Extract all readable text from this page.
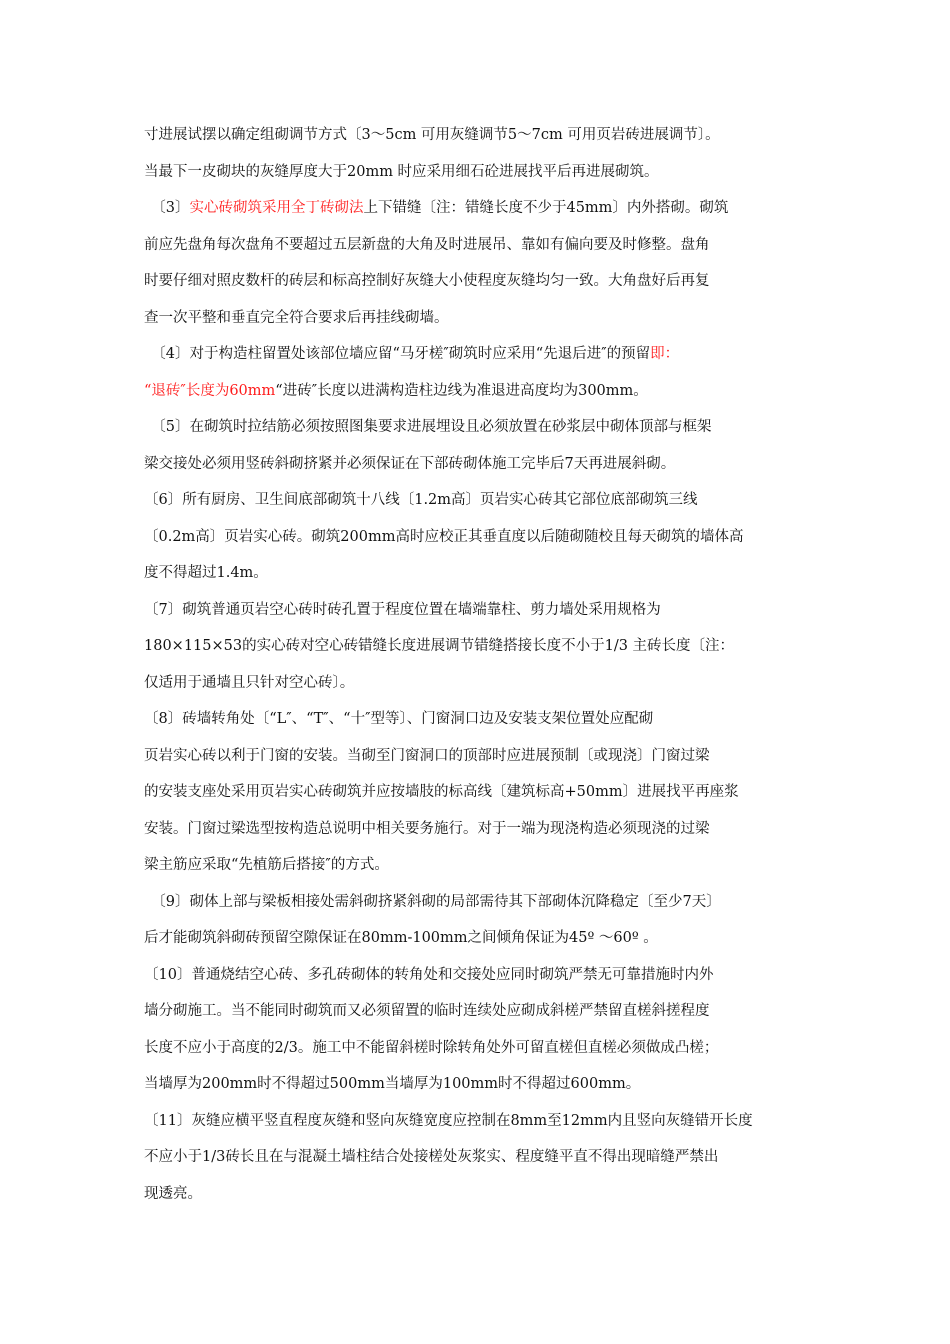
寸进展试摆以确定组砌调节方式〔3～5cm 可用灰缝调节5～7cm 可用页岩砖进展调节〕。
当最下一皮砌块的灰缝厚度大于20mm 时应采用细石砼进展找平后再进展砌筑。
　〔3〕实心砖砌筑采用全丁砖砌法上下错缝〔注：错缝长度不少于45mm〕内外搭砌。砌筑
前应先盘角每次盘角不要超过五层新盘的大角及时进展吊、靠如有偏向要及时修整。盘角
时要仔细对照皮数杆的砖层和标高控制好灰缝大小使程度灰缝均匀一致。大角盘好后再复
查一次平整和垂直完全符合要求后再挂线砌墙。
　〔4〕对于构造柱留置处该部位墙应留“马牙槎″砌筑时应采用“先退后进″的预留即：
“退砖″长度为60mm“进砖″长度以进满构造柱边线为准退进高度均为300mm。
　〔5〕在砌筑时拉结筋必须按照图集要求进展埋设且必须放置在砂浆层中砌体顶部与框架
梁交接处必须用竖砖斜砌挤紧并必须保证在下部砖砌体施工完毕后7天再进展斜砌。
〔6〕所有厨房、卫生间底部砌筑十八线〔1.2m高〕页岩实心砖其它部位底部砌筑三线
〔0.2m高〕页岩实心砖。砌筑200mm高时应校正其垂直度以后随砌随校且每天砌筑的墙体高
度不得超过1.4m。
〔7〕砌筑普通页岩空心砖时砖孔置于程度位置在墙端靠柱、剪力墙处采用规格为
180×115×53的实心砖对空心砖错缝长度进展调节错缝搭接长度不小于1/3 主砖长度〔注：
仅适用于通墙且只针对空心砖〕。
〔8〕砖墙转角处〔“L″、“T″、“十″型等〕、门窗洞口边及安装支架位置处应配砌
页岩实心砖以利于门窗的安装。当砌至门窗洞口的顶部时应进展预制〔或现浇〕门窗过梁
的安装支座处采用页岩实心砖砌筑并应按墙肢的标高线〔建筑标高+50mm〕进展找平再座浆
安装。门窗过梁选型按构造总说明中相关要务施行。对于一端为现浇构造必须现浇的过梁
梁主筋应采取“先植筋后搭接″的方式。
　〔9〕砌体上部与梁板相接处需斜砌挤紧斜砌的局部需待其下部砌体沉降稳定〔至少7天〕
后才能砌筑斜砌砖预留空隙保证在80mm-100mm之间倾角保证为45º ～60º 。
〔10〕普通烧结空心砖、多孔砖砌体的转角处和交接处应同时砌筑严禁无可靠措施时内外
墙分砌施工。当不能同时砌筑而又必须留置的临时连续处应砌成斜槎严禁留直槎斜搓程度
长度不应小于高度的2/3。施工中不能留斜槎时除转角处外可留直槎但直槎必须做成凸槎；
当墙厚为200mm时不得超过500mm当墙厚为100mm时不得超过600mm。
〔11〕灰缝应横平竖直程度灰缝和竖向灰缝宽度应控制在8mm至12mm内且竖向灰缝错开长度
不应小于1/3砖长且在与混凝土墙柱结合处接槎处灰浆实、程度缝平直不得出现暗缝严禁出
现透亮。
